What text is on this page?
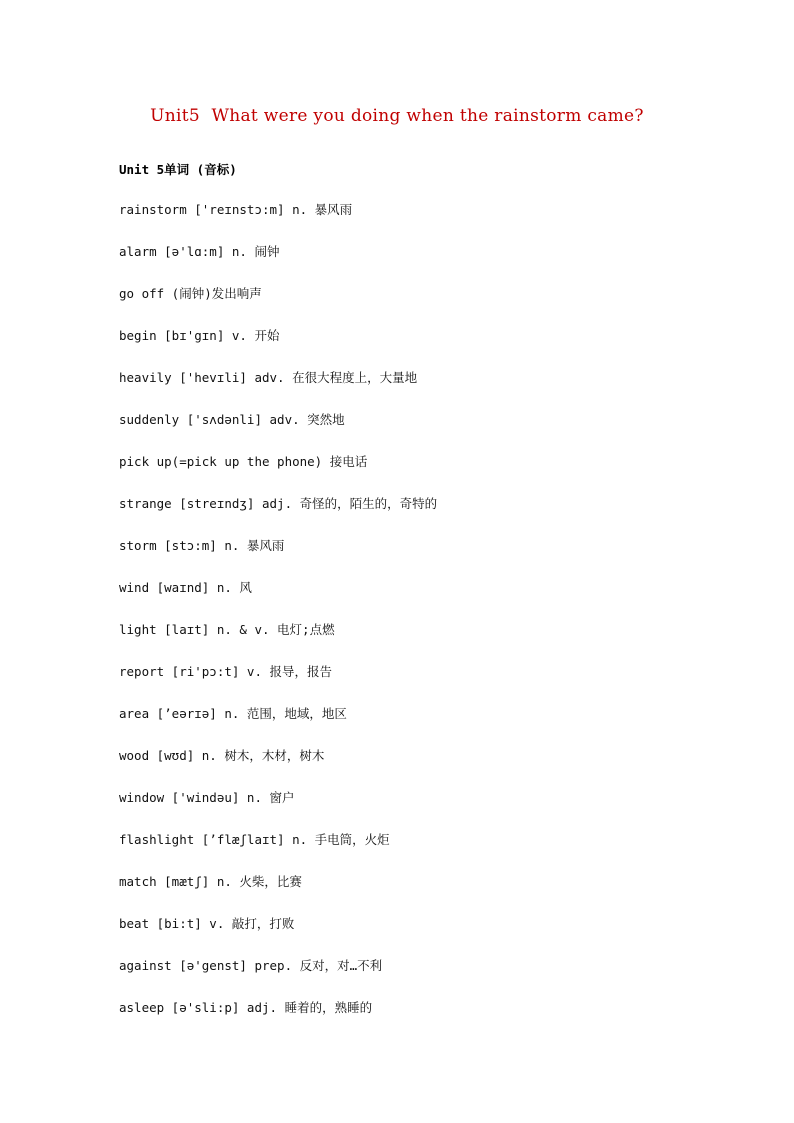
Unit5  What were you doing when the rainstorm came?

Unit 5单词 (音标)

rainstorm ['reɪnstɔ:m] n. 暴风雨
alarm [ə'lɑ:m] n. 闹钟
go off (闹钟)发出响声
begin [bɪ'gɪn] v. 开始
heavily ['hevɪli] adv. 在很大程度上，大量地
suddenly ['sʌdənli] adv. 突然地
pick up(=pick up the phone) 接电话
strange [streɪndʒ] adj. 奇怪的，陌生的，奇特的
storm [stɔ:m] n. 暴风雨
wind [waɪnd] n. 风
light [laɪt] n. & v. 电灯;点燃
report [ri'pɔ:t] v. 报导，报告
area [’eərɪə] n. 范围，地域，地区
wood [wʊd] n. 树木，木材，树木
window ['windəu] n. 窗户
flashlight [’flæʃlaɪt] n. 手电筒，火炬
match [mætʃ] n. 火柴，比赛
beat [bi:t] v. 敲打，打败
against [ə'genst] prep. 反对，对…不利
asleep [ə'sli:p] adj. 睡着的，熟睡的
